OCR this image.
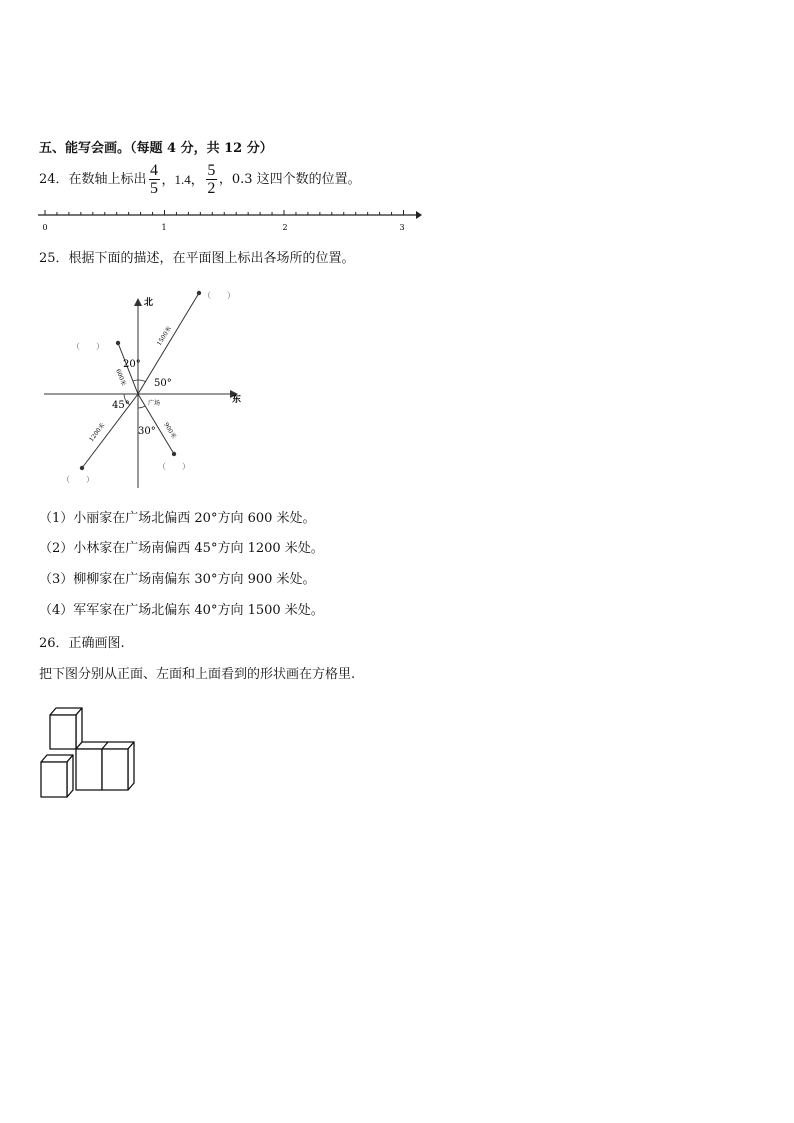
五、能写会画。（每题 4 分，共 12 分）
24．在数轴上标出 $\frac{4}{5}$ ，1.4， $\frac{5}{2}$ ，0.3 这四个数的位置。
0	1	2	3
25．根据下面的描述，在平面图上标出各场所的位置。
北
东
20°
50°
45°
30°
广场
1500米
600米
1200米	900米
（　　）
（　　）
（　　）
（　　）
（1）小丽家在广场北偏西 20°方向 600 米处。
（2）小林家在广场南偏西 45°方向 1200 米处。
（3）柳柳家在广场南偏东 30°方向 900 米处。
（4）军军家在广场北偏东 40°方向 1500 米处。
26．正确画图.
把下图分别从正面、左面和上面看到的形状画在方格里.
